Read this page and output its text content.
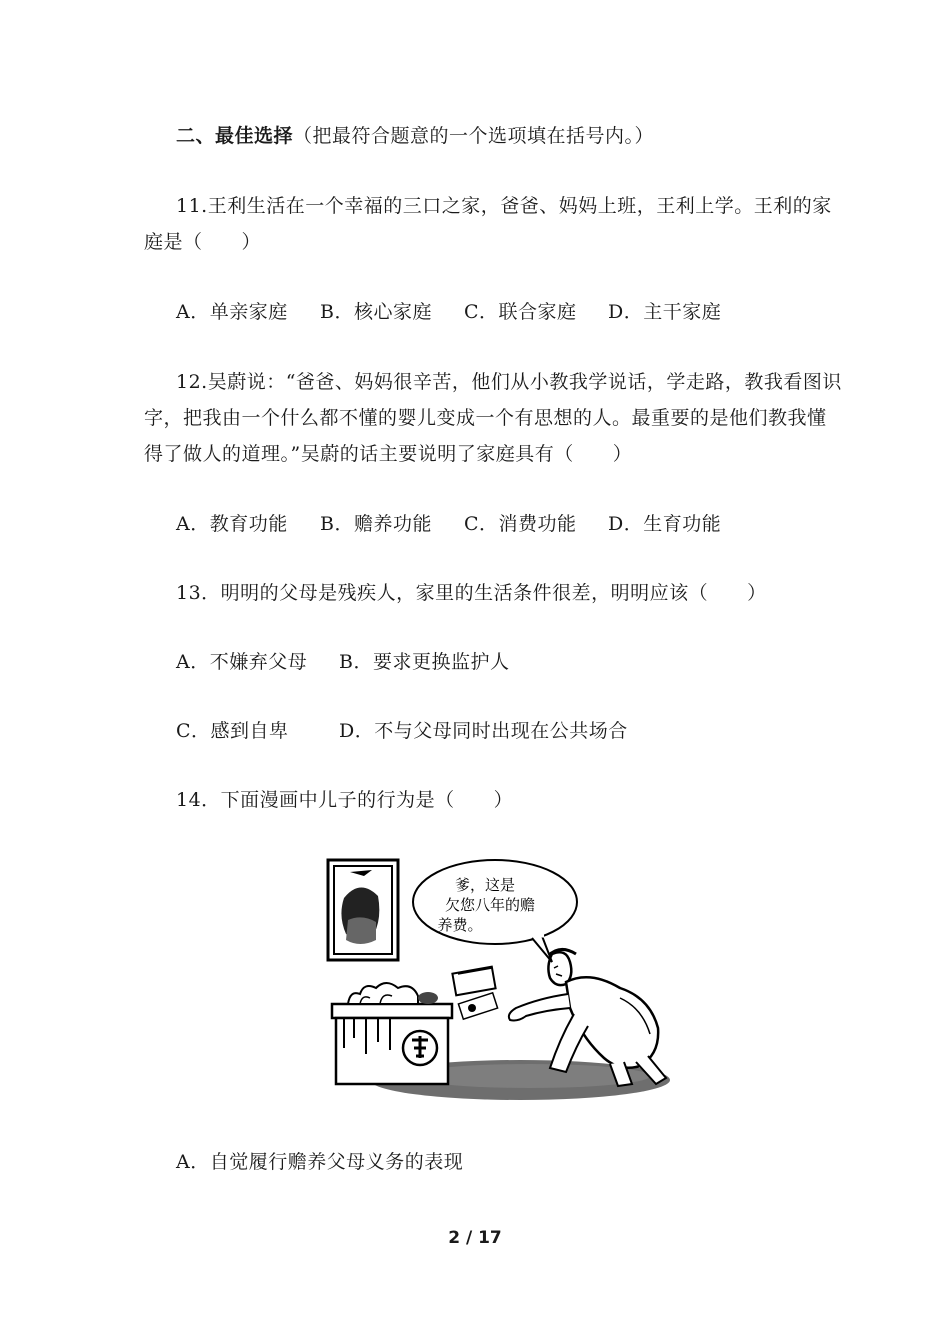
二、最佳选择（把最符合题意的一个选项填在括号内。）
11.王利生活在一个幸福的三口之家，爸爸、妈妈上班，王利上学。王利的家
庭是（　　）
A．单亲家庭 B．核心家庭 C．联合家庭 D．主干家庭
12.吴蔚说：“爸爸、妈妈很辛苦，他们从小教我学说话，学走路，教我看图识
字，把我由一个什么都不懂的婴儿变成一个有思想的人。最重要的是他们教我懂
得了做人的道理。”吴蔚的话主要说明了家庭具有（　　）
A．教育功能 B．赡养功能 C．消费功能 D．生育功能
13．明明的父母是残疾人，家里的生活条件很差，明明应该（　　）
A．不嫌弃父母 B．要求更换监护人
C．感到自卑	D．不与父母同时出现在公共场合
14．下面漫画中儿子的行为是（　　）
爹，这是
欠您八年的赡
养费。
A．自觉履行赡养父母义务的表现
2 / 17
